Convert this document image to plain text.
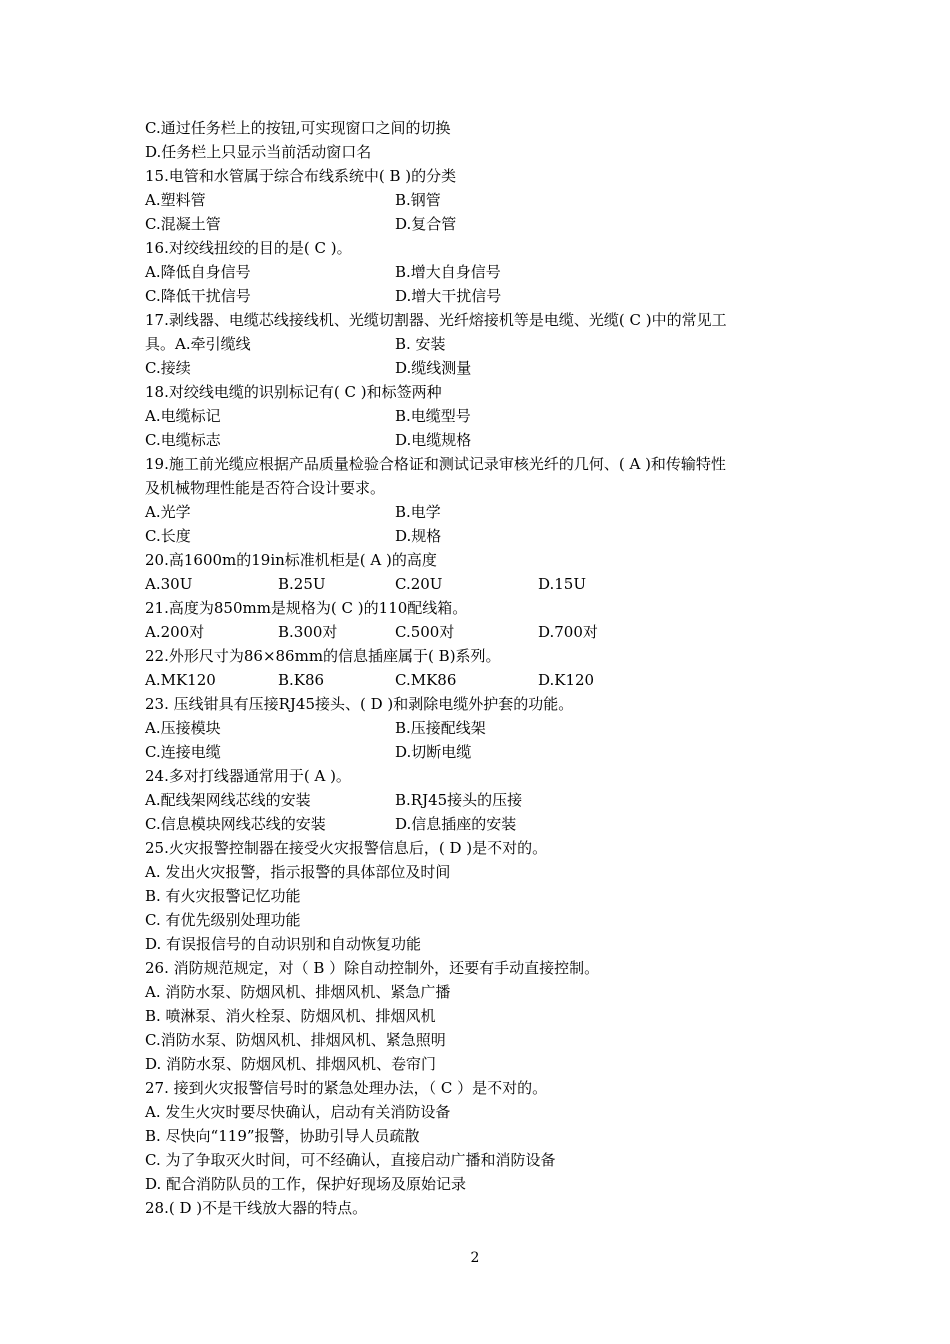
C.通过任务栏上的按钮,可实现窗口之间的切换
D.任务栏上只显示当前活动窗口名
15.电管和水管属于综合布线系统中( B )的分类
A.塑料管	B.钢管
C.混凝土管	D.复合管
16.对绞线扭绞的目的是( C )。
A.降低自身信号	B.增大自身信号
C.降低干扰信号	D.增大干扰信号
17.剥线器、电缆芯线接线机、光缆切割器、光纤熔接机等是电缆、光缆( C )中的常见工
具。A.牵引缆线	B. 安装
C.接续	D.缆线测量
18.对绞线电缆的识别标记有( C )和标签两种
A.电缆标记	B.电缆型号
C.电缆标志	D.电缆规格
19.施工前光缆应根据产品质量检验合格证和测试记录审核光纤的几何、( A )和传输特性
及机械物理性能是否符合设计要求。
A.光学	B.电学
C.长度	D.规格
20.高1600m的19in标准机柜是( A )的高度
A.30U	B.25U	C.20U	D.15U
21.高度为850mm是规格为( C )的110配线箱。
A.200对	B.300对	C.500对	D.700对
22.外形尺寸为86×86mm的信息插座属于( B)系列。
A.MK120	B.K86	C.MK86	D.K120
23. 压线钳具有压接RJ45接头、( D )和剥除电缆外护套的功能。
A.压接模块	B.压接配线架
C.连接电缆	D.切断电缆
24.多对打线器通常用于( A )。
A.配线架网线芯线的安装	B.RJ45接头的压接
C.信息模块网线芯线的安装	D.信息插座的安装
25.火灾报警控制器在接受火灾报警信息后，( D )是不对的。
A. 发出火灾报警，指示报警的具体部位及时间
B. 有火灾报警记忆功能
C. 有优先级别处理功能
D. 有误报信号的自动识别和自动恢复功能
26. 消防规范规定，对（ B ）除自动控制外，还要有手动直接控制。
A. 消防水泵、防烟风机、排烟风机、紧急广播
B. 喷淋泵、消火栓泵、防烟风机、排烟风机
C.消防水泵、防烟风机、排烟风机、紧急照明
D. 消防水泵、防烟风机、排烟风机、卷帘门
27. 接到火灾报警信号时的紧急处理办法，（ C ）是不对的。
A. 发生火灾时要尽快确认，启动有关消防设备
B. 尽快向“119”报警，协助引导人员疏散
C. 为了争取灭火时间，可不经确认，直接启动广播和消防设备
D. 配合消防队员的工作，保护好现场及原始记录
28.( D )不是干线放大器的特点。
2
